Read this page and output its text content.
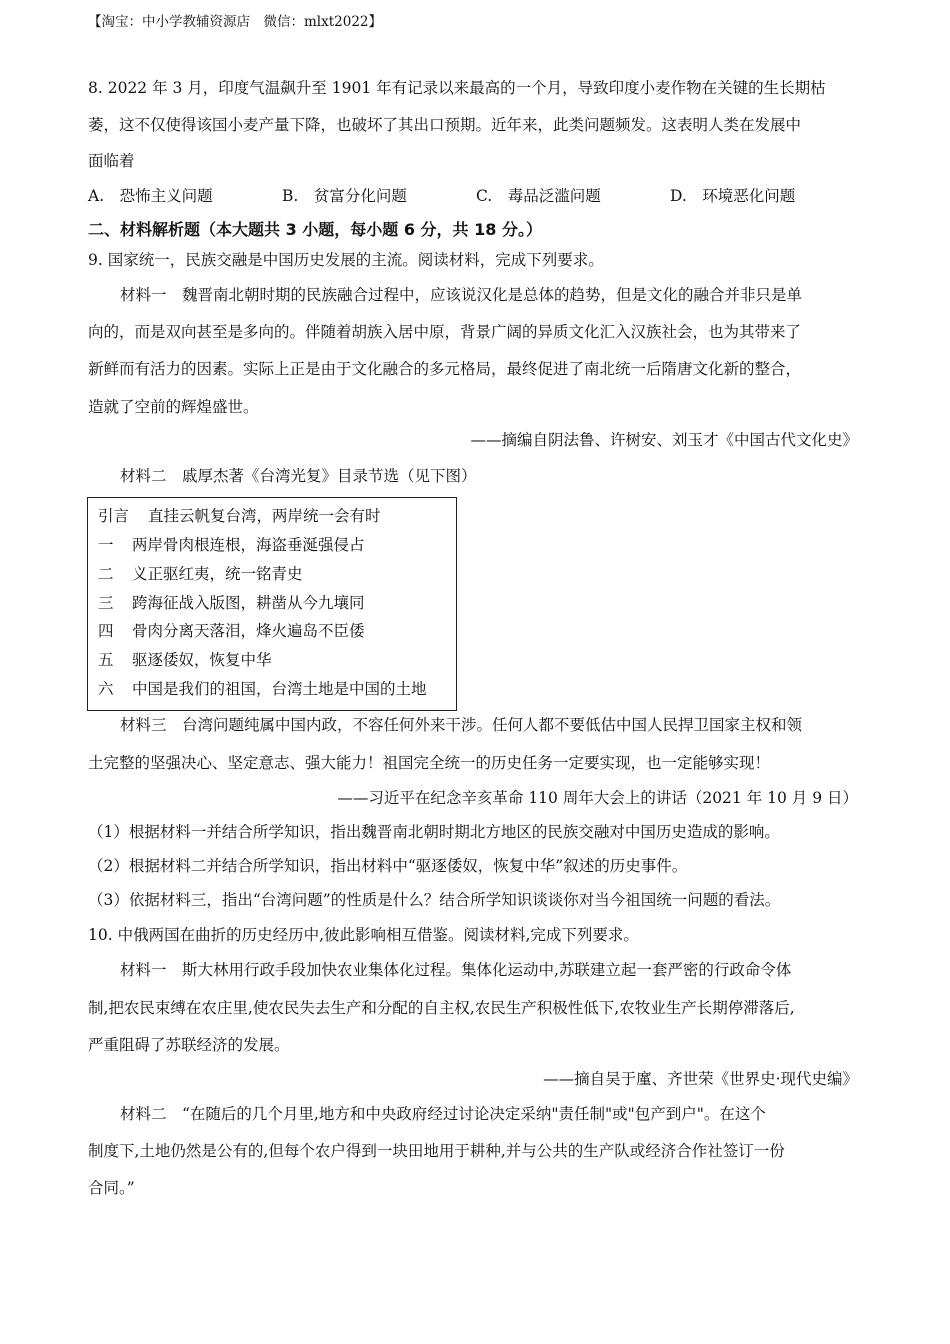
【淘宝：中小学教辅资源店　微信：mlxt2022】
8. 2022 年 3 月，印度气温飙升至 1901 年有记录以来最高的一个月，导致印度小麦作物在关键的生长期枯
萎，这不仅使得该国小麦产量下降，也破坏了其出口预期。近年来，此类问题频发。这表明人类在发展中
面临着
A.　恐怖主义问题	B.　贫富分化问题	C.　毒品泛滥问题	D.　环境恶化问题
二、材料解析题（本大题共 3 小题，每小题 6 分，共 18 分。）
9. 国家统一，民族交融是中国历史发展的主流。阅读材料，完成下列要求。
材料一　魏晋南北朝时期的民族融合过程中，应该说汉化是总体的趋势，但是文化的融合并非只是单
向的，而是双向甚至是多向的。伴随着胡族入居中原，背景广阔的异质文化汇入汉族社会，也为其带来了
新鲜而有活力的因素。实际上正是由于文化融合的多元格局，最终促进了南北统一后隋唐文化新的整合，
造就了空前的辉煌盛世。
——摘编自阴法鲁、许树安、刘玉才《中国古代文化史》
材料二　戚厚杰著《台湾光复》目录节选（见下图）
引言 直挂云帆复台湾，两岸统一会有时
一 两岸骨肉根连根，海盗垂涎强侵占
二 义正驱红夷，统一铭青史
三 跨海征战入版图，耕凿从今九壤同
四 骨肉分离天落泪，烽火遍岛不臣倭
五 驱逐倭奴，恢复中华
六 中国是我们的祖国，台湾土地是中国的土地
材料三　台湾问题纯属中国内政，不容任何外来干涉。任何人都不要低估中国人民捍卫国家主权和领
土完整的坚强决心、坚定意志、强大能力！祖国完全统一的历史任务一定要实现，也一定能够实现！
——习近平在纪念辛亥革命 110 周年大会上的讲话（2021 年 10 月 9 日）
（1）根据材料一并结合所学知识，指出魏晋南北朝时期北方地区的民族交融对中国历史造成的影响。
（2）根据材料二并结合所学知识，指出材料中“驱逐倭奴，恢复中华”叙述的历史事件。
（3）依据材料三，指出“台湾问题”的性质是什么？结合所学知识谈谈你对当今祖国统一问题的看法。
10. 中俄两国在曲折的历史经历中,彼此影响相互借鉴。阅读材料,完成下列要求。
材料一　斯大林用行政手段加快农业集体化过程。集体化运动中,苏联建立起一套严密的行政命令体
制,把农民束缚在农庄里,使农民失去生产和分配的自主权,农民生产积极性低下,农牧业生产长期停滞落后,
严重阻碍了苏联经济的发展。
——摘自吴于廑、齐世荣《世界史·现代史编》
材料二　“在随后的几个月里,地方和中央政府经过讨论决定采纳"责任制"或"包产到户"。在这个
制度下,土地仍然是公有的,但每个农户得到一块田地用于耕种,并与公共的生产队或经济合作社签订一份
合同。”
